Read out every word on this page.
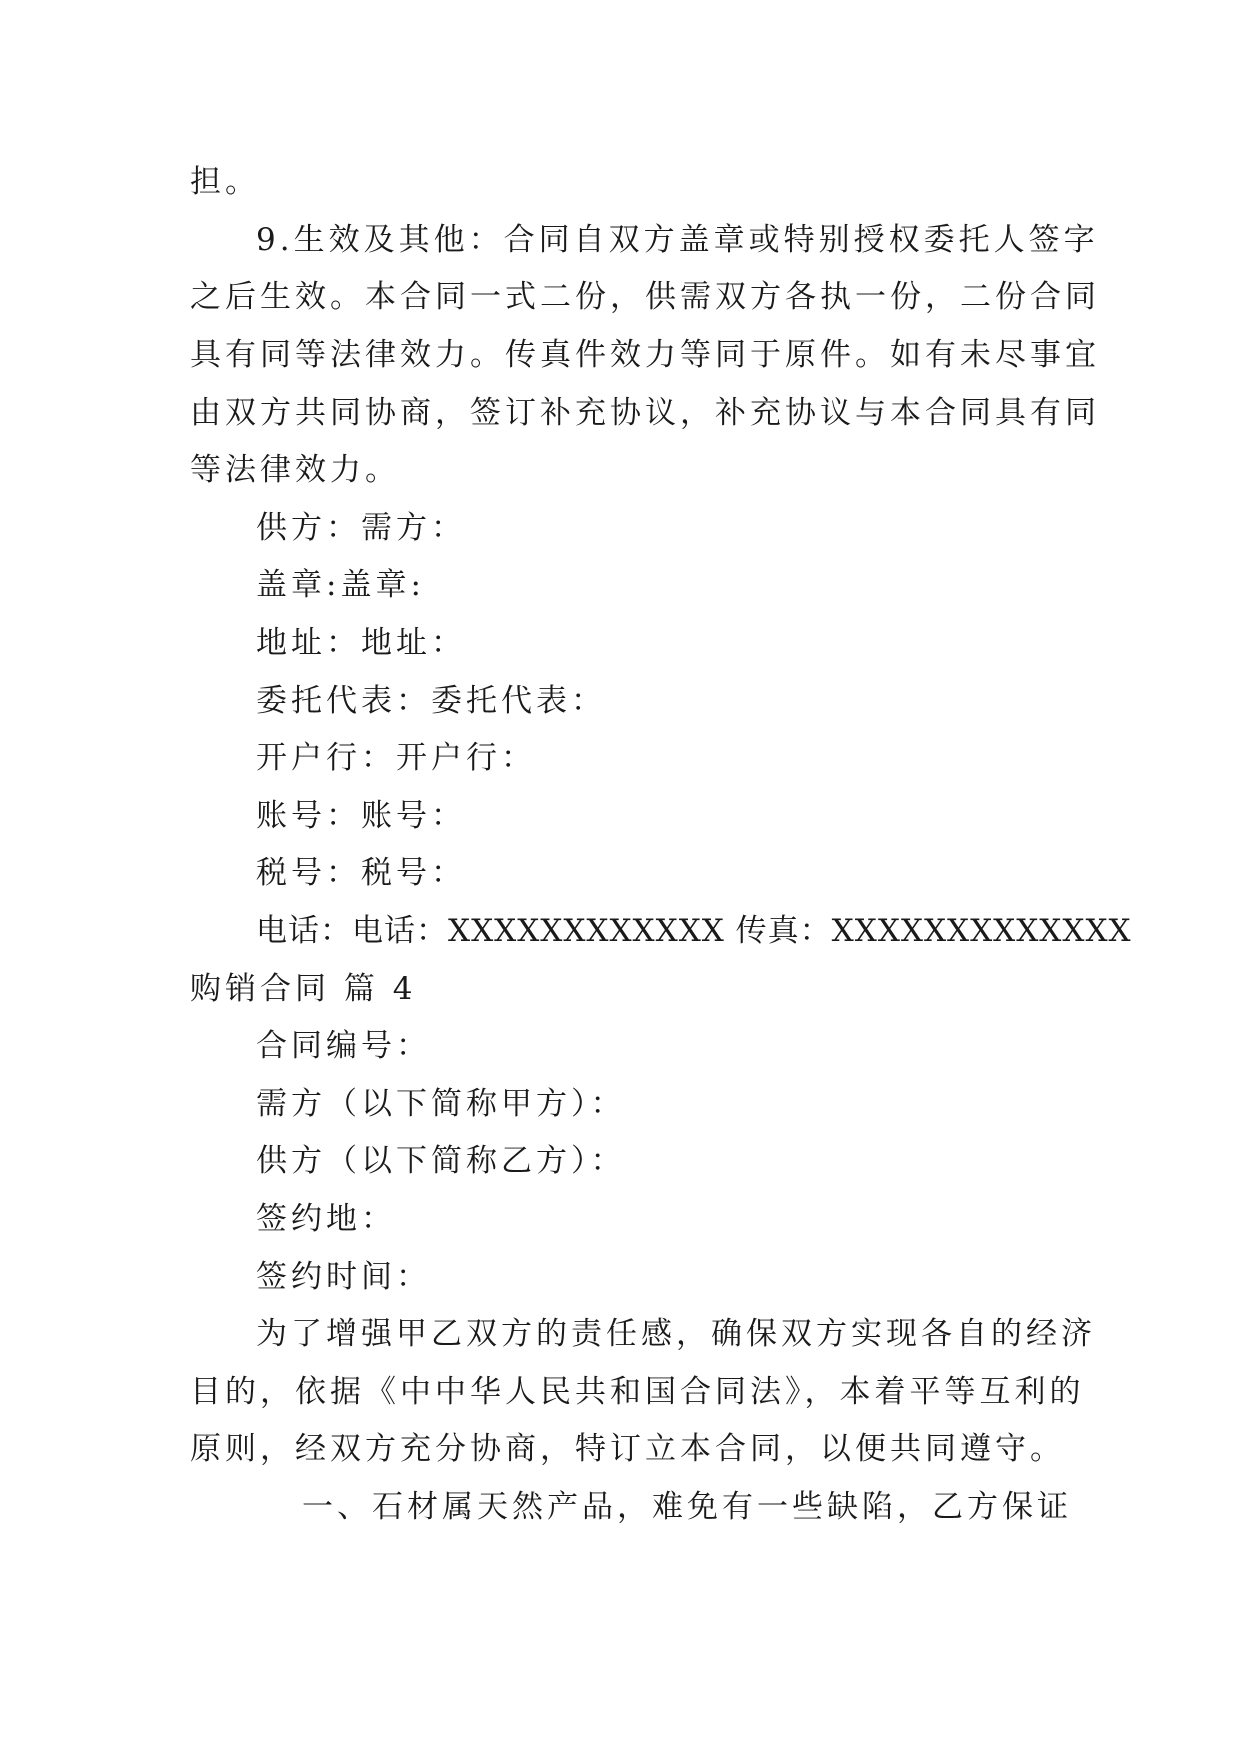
担。
9.生效及其他：合同自双方盖章或特别授权委托人签字
之后生效。本合同一式二份，供需双方各执一份，二份合同
具有同等法律效力。传真件效力等同于原件。如有未尽事宜
由双方共同协商，签订补充协议，补充协议与本合同具有同
等法律效力。
供方：需方：
盖章:盖章:
地址：地址：
委托代表：委托代表：
开户行：开户行：
账号：账号：
税号：税号：
电话：电话：XXXXXXXXXXXX 传真：XXXXXXXXXXXXX
购销合同 篇 4
合同编号：
需方（以下简称甲方）：
供方（以下简称乙方）：
签约地：
签约时间：
为了增强甲乙双方的责任感，确保双方实现各自的经济
目的，依据《中中华人民共和国合同法》，本着平等互利的
原则，经双方充分协商，特订立本合同，以便共同遵守。
一、石材属天然产品，难免有一些缺陷，乙方保证
